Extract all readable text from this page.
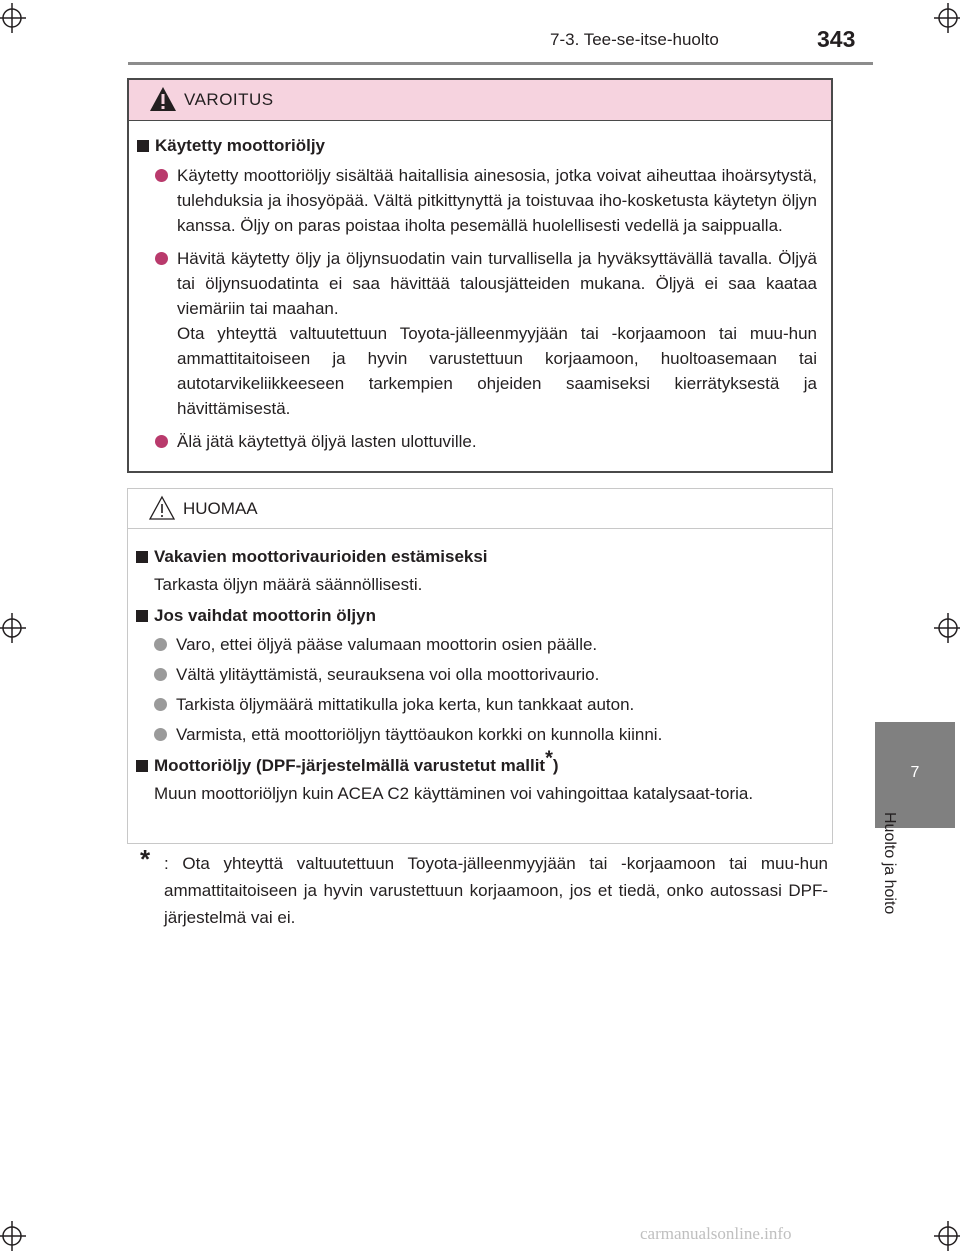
7-3. Tee-se-itse-huolto	343
7
Huolto ja hoito
VAROITUS
Käytetty moottoriöljy
Käytetty moottoriöljy sisältää haitallisia ainesosia, jotka voivat aiheuttaa ihoärsytystä, tulehduksia ja ihosyöpää. Vältä pitkittynyttä ja toistuvaa iho-kosketusta käytetyn öljyn kanssa. Öljy on paras poistaa iholta pesemällä huolellisesti vedellä ja saippualla.
Hävitä käytetty öljy ja öljynsuodatin vain turvallisella ja hyväksyttävällä tavalla. Öljyä tai öljynsuodatinta ei saa hävittää talousjätteiden mukana. Öljyä ei saa kaataa viemäriin tai maahan.
Ota yhteyttä valtuutettuun Toyota-jälleenmyyjään tai -korjaamoon tai muu-hun ammattitaitoiseen ja hyvin varustettuun korjaamoon, huoltoasemaan tai autotarvikeliikkeeseen tarkempien ohjeiden saamiseksi kierrätyksestä ja hävittämisestä.
Älä jätä käytettyä öljyä lasten ulottuville.
HUOMAA
Vakavien moottorivaurioiden estämiseksi
Tarkasta öljyn määrä säännöllisesti.
Jos vaihdat moottorin öljyn
Varo, ettei öljyä pääse valumaan moottorin osien päälle.
Vältä ylitäyttämistä, seurauksena voi olla moottorivaurio.
Tarkista öljymäärä mittatikulla joka kerta, kun tankkaat auton.
Varmista, että moottoriöljyn täyttöaukon korkki on kunnolla kiinni.
Moottoriöljy (DPF-järjestelmällä varustetut mallit*)
Muun moottoriöljyn kuin ACEA C2 käyttäminen voi vahingoittaa katalysaat-toria.
* : Ota yhteyttä valtuutettuun Toyota-jälleenmyyjään tai -korjaamoon tai muu-hun ammattitaitoiseen ja hyvin varustettuun korjaamoon, jos et tiedä, onko autossasi DPF-järjestelmä vai ei.
carmanualsonline.info
